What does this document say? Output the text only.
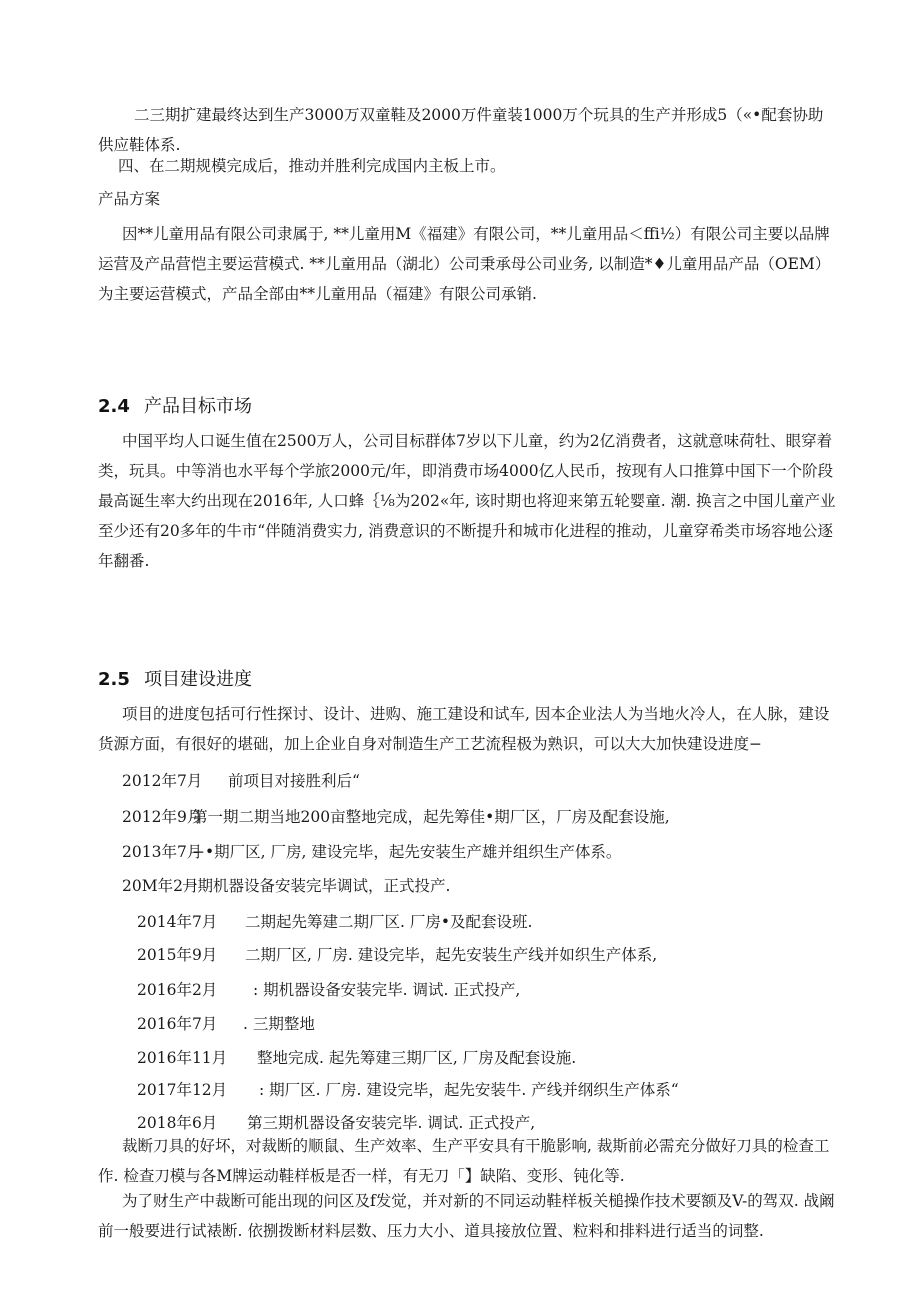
二三期扩建最终达到生产3000万双童鞋及2000万件童装1000万个玩具的生产并形成5（«•配套协助供应鞋体系.

四、在二期规模完成后，推动并胜利完成国内主板上市。

产品方案

因**儿童用品有限公司隶属于, **儿童用M《福建》有限公司，**儿童用品＜ffi½）有限公司主要以品牌运营及产品营恺主要运营模式. **儿童用品（湖北）公司秉承母公司业务, 以制造*♦儿童用品产品（OEM）为主要运营模式，产品全部由**儿童用品（福建》有限公司承销.

2.4 产品目标市场

中国平均人口诞生值在2500万人，公司目标群体7岁以下儿童，约为2亿消费者，这就意味荷牡、眼穿着类，玩具。中等消也水平每个学旅2000元/年，即消费市场4000亿人民币，按现有人口推算中国下一个阶段最高诞生率大约出现在2016年, 人口蜂｛⅛为202«年, 该时期也将迎来第五轮婴童. 潮. 换言之中国儿童产业至少还有20多年的牛市“伴随消费实力, 消费意识的不断提升和城市化进程的推动，儿童穿希类市场容地公逐年翻番.

2.5 项目建设进度

项目的进度包括可行性探讨、设计、进购、施工建设和试车, 因本企业法人为当地火冷人，在人脉，建设货源方面，有很好的堪础，加上企业自身对制造生产工艺流程极为熟识，可以大大加快建设进度−

2012年7月 前项目对接胜利后“
2012年9月第一期二期当地200亩整地完成，起先筹佳•期厂区，厂房及配套设施,
2013年7月−•期厂区, 厂房, 建设完毕，起先安装生产雄并组织生产体系。
20M年2月一期机器设备安装完毕调试，正式投产.
2014年7月 二期起先筹建二期厂区. 厂房•及配套设班.
2015年9月 二期厂区, 厂房. 建设完毕，起先安装生产线并如织生产体系,
2016年2月 : 期机器设备安装完毕. 调试. 正式投产,
2016年7月 . 三期整地
2016年11月 整地完成. 起先筹建三期厂区, 厂房及配套设施.
2017年12月 : 期厂区. 厂房. 建设完毕，起先安装牛. 产线并纲织生产体系“
2018年6月 第三期机器设备安装完毕. 调试. 正式投产,

裁断刀具的好坏，对裁断的顺鼠、生产效率、生产平安具有干脆影响, 裁斯前必需充分做好刀具的检查工作. 检查刀模与各M牌运动鞋样板是否一样，有无刀「】缺陷、变形、钝化等.

为了财生产中裁断可能出现的问区及f发觉，并对新的不同运动鞋样板关槌操作技术要额及V-的驾双. 战阚前一般要进行试裱断. 依捌拨断材料层数、压力大小、道具接放位置、粒料和排料进行适当的词整.
